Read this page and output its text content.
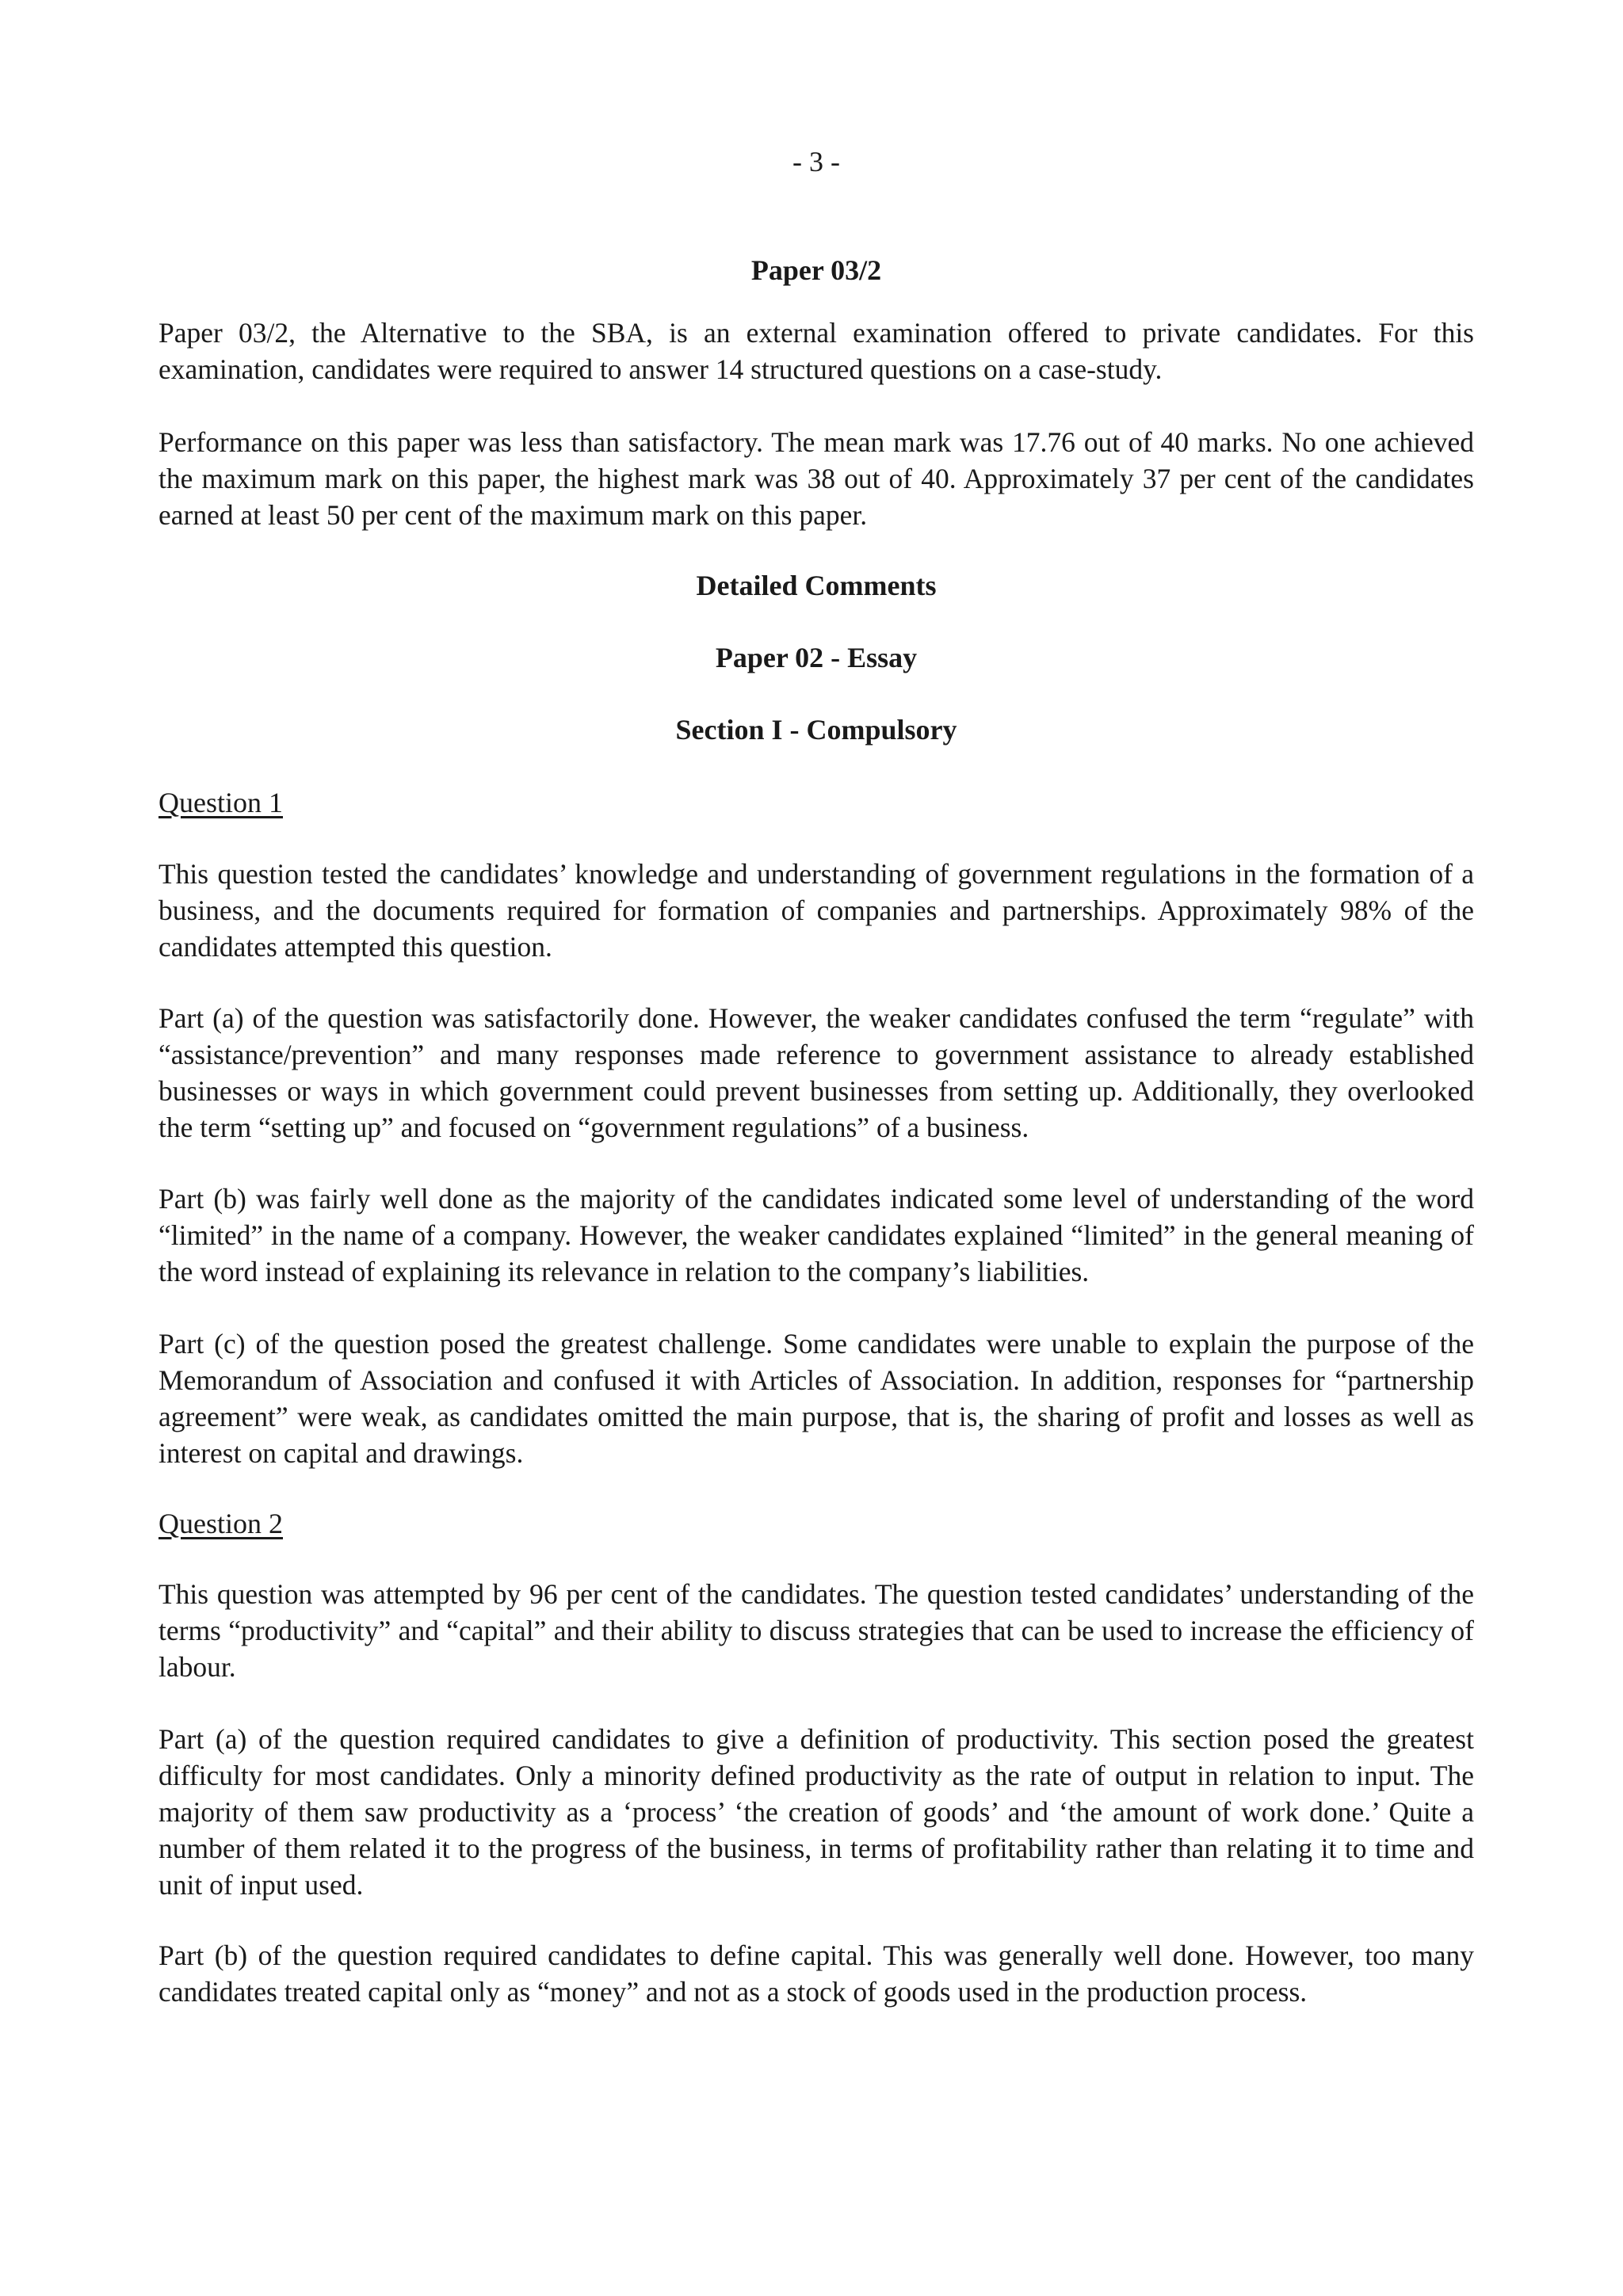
- 3 -
Paper 03/2

Paper 03/2, the Alternative to the SBA, is an external examination offered to private candidates. For this examination, candidates were required to answer 14 structured questions on a case-study.

Performance on this paper was less than satisfactory. The mean mark was 17.76 out of 40 marks. No one achieved the maximum mark on this paper, the highest mark was 38 out of 40. Approximately 37 per cent of the candidates earned at least 50 per cent of the maximum mark on this paper.

Detailed Comments
Paper 02 - Essay
Section I - Compulsory
Question 1

This question tested the candidates’ knowledge and understanding of government regulations in the formation of a business, and the documents required for formation of companies and partnerships. Approximately 98% of the candidates attempted this question.

Part (a) of the question was satisfactorily done. However, the weaker candidates confused the term “regulate” with “assistance/prevention” and many responses made reference to government assistance to already established businesses or ways in which government could prevent businesses from setting up. Additionally, they overlooked the term “setting up” and focused on “government regulations” of a business.

Part (b) was fairly well done as the majority of the candidates indicated some level of understanding of the word “limited” in the name of a company. However, the weaker candidates explained “limited” in the general meaning of the word instead of explaining its relevance in relation to the company’s liabilities.

Part (c) of the question posed the greatest challenge. Some candidates were unable to explain the purpose of the Memorandum of Association and confused it with Articles of Association. In addition, responses for “partnership agreement” were weak, as candidates omitted the main purpose, that is, the sharing of profit and losses as well as interest on capital and drawings.

Question 2

This question was attempted by 96 per cent of the candidates. The question tested candidates’ understanding of the terms “productivity” and “capital” and their ability to discuss strategies that can be used to increase the efficiency of labour.

Part (a) of the question required candidates to give a definition of productivity. This section posed the greatest difficulty for most candidates. Only a minority defined productivity as the rate of output in relation to input. The majority of them saw productivity as a ‘process’ ‘the creation of goods’ and ‘the amount of work done.’ Quite a number of them related it to the progress of the business, in terms of profitability rather than relating it to time and unit of input used.

Part (b) of the question required candidates to define capital. This was generally well done. However, too many candidates treated capital only as “money” and not as a stock of goods used in the production process.
